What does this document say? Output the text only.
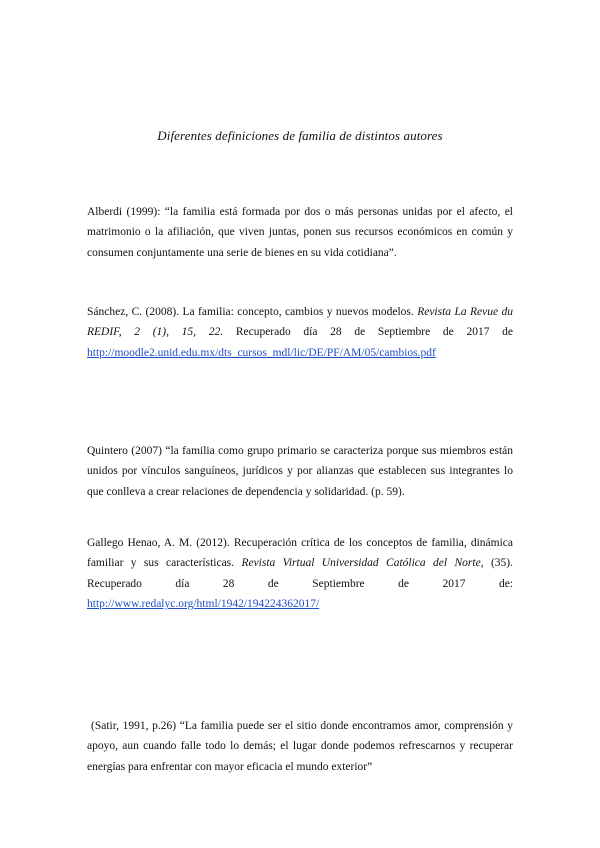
Diferentes definiciones de familia de distintos autores

Alberdi (1999): “la familia está formada por dos o más personas unidas por el afecto, el matrimonio o la afiliación, que viven juntas, ponen sus recursos económicos en común y consumen conjuntamente una serie de bienes en su vida cotidiana”.

Sánchez, C. (2008). La familia: concepto, cambios y nuevos modelos. Revista La Revue du REDIF, 2 (1), 15, 22. Recuperado día 28 de Septiembre de 2017 de http://moodle2.unid.edu.mx/dts_cursos_mdl/lic/DE/PF/AM/05/cambios.pdf

Quintero (2007) “la familia como grupo primario se caracteriza porque sus miembros están unidos por vínculos sanguíneos, jurídicos y por alianzas que establecen sus integrantes lo que conlleva a crear relaciones de dependencia y solidaridad. (p. 59).

Gallego Henao, A. M. (2012). Recuperación crítica de los conceptos de familia, dinámica familiar y sus características. Revista Virtual Universidad Católica del Norte, (35). Recuperado día 28 de Septiembre de 2017 de: http://www.redalyc.org/html/1942/194224362017/

(Satir, 1991, p.26) “La familia puede ser el sitio donde encontramos amor, comprensión y apoyo, aun cuando falle todo lo demás; el lugar donde podemos refrescarnos y recuperar energías para enfrentar con mayor eficacia el mundo exterior”
